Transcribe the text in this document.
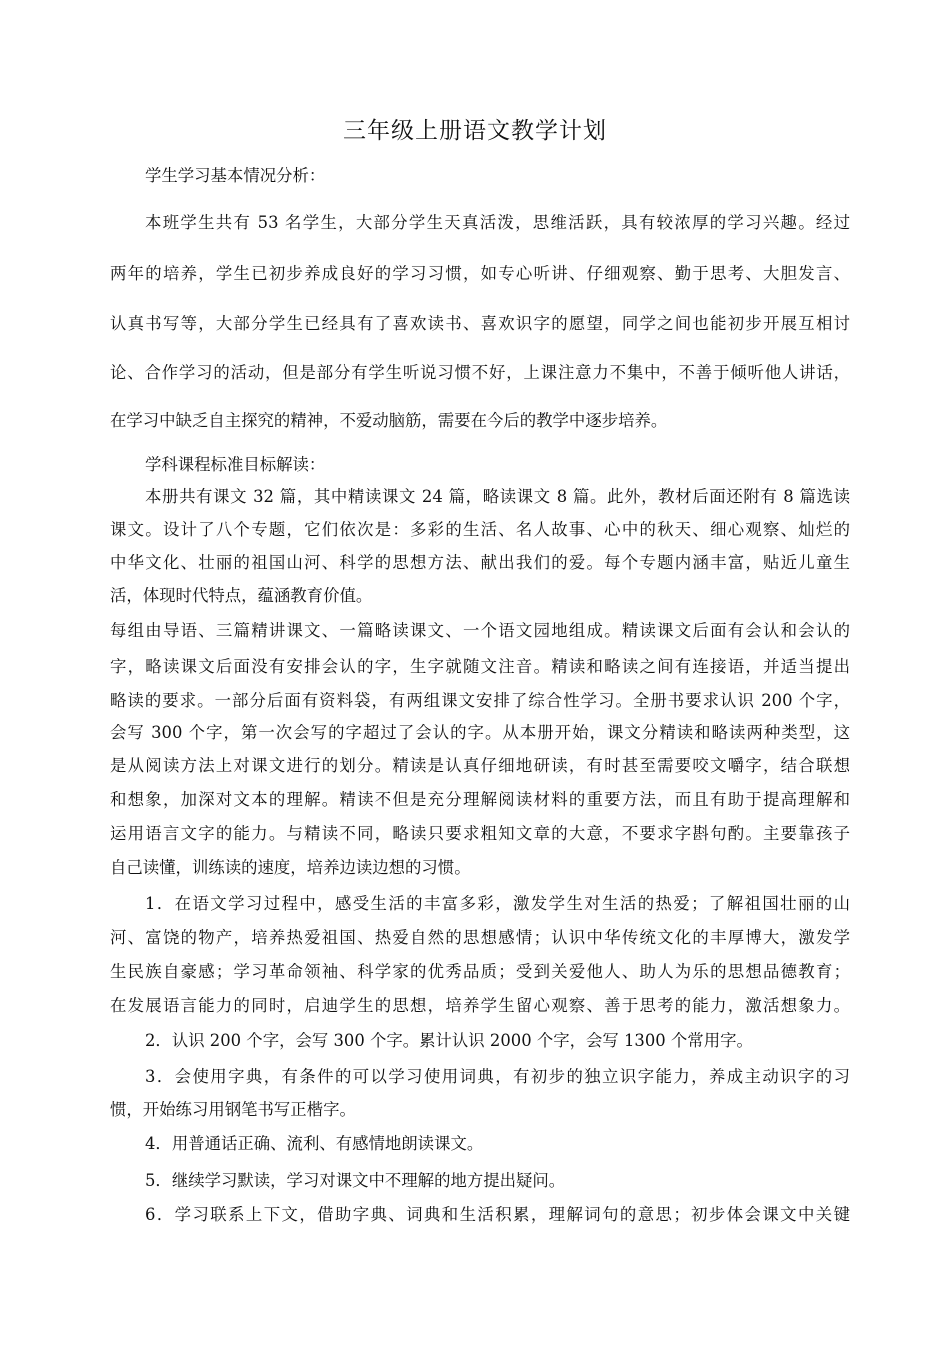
三年级上册语文教学计划
学生学习基本情况分析：
本班学生共有 53 名学生，大部分学生天真活泼，思维活跃，具有较浓厚的学习兴趣。经过
两年的培养，学生已初步养成良好的学习习惯，如专心听讲、仔细观察、勤于思考、大胆发言、
认真书写等，大部分学生已经具有了喜欢读书、喜欢识字的愿望，同学之间也能初步开展互相讨
论、合作学习的活动，但是部分有学生听说习惯不好，上课注意力不集中，不善于倾听他人讲话，
在学习中缺乏自主探究的精神，不爱动脑筋，需要在今后的教学中逐步培养。
学科课程标准目标解读：
本册共有课文 32 篇，其中精读课文 24 篇，略读课文 8 篇。此外，教材后面还附有 8 篇选读
课文。设计了八个专题，它们依次是：多彩的生活、名人故事、心中的秋天、细心观察、灿烂的
中华文化、壮丽的祖国山河、科学的思想方法、献出我们的爱。每个专题内涵丰富，贴近儿童生
活，体现时代特点，蕴涵教育价值。
每组由导语、三篇精讲课文、一篇略读课文、一个语文园地组成。精读课文后面有会认和会认的
字，略读课文后面没有安排会认的字，生字就随文注音。精读和略读之间有连接语，并适当提出
略读的要求。一部分后面有资料袋，有两组课文安排了综合性学习。全册书要求认识 200 个字，
会写 300 个字，第一次会写的字超过了会认的字。从本册开始，课文分精读和略读两种类型，这
是从阅读方法上对课文进行的划分。精读是认真仔细地研读，有时甚至需要咬文嚼字，结合联想
和想象，加深对文本的理解。精读不但是充分理解阅读材料的重要方法，而且有助于提高理解和
运用语言文字的能力。与精读不同，略读只要求粗知文章的大意，不要求字斟句酌。主要靠孩子
自己读懂，训练读的速度，培养边读边想的习惯。
1．在语文学习过程中，感受生活的丰富多彩，激发学生对生活的热爱；了解祖国壮丽的山
河、富饶的物产，培养热爱祖国、热爱自然的思想感情；认识中华传统文化的丰厚博大，激发学
生民族自豪感；学习革命领袖、科学家的优秀品质；受到关爱他人、助人为乐的思想品德教育；
在发展语言能力的同时，启迪学生的思想，培养学生留心观察、善于思考的能力，激活想象力。
2．认识 200 个字，会写 300 个字。累计认识 2000 个字，会写 1300 个常用字。
3．会使用字典，有条件的可以学习使用词典，有初步的独立识字能力，养成主动识字的习
惯，开始练习用钢笔书写正楷字。
4．用普通话正确、流利、有感情地朗读课文。
5．继续学习默读，学习对课文中不理解的地方提出疑问。
6．学习联系上下文，借助字典、词典和生活积累，理解词句的意思；初步体会课文中关键
